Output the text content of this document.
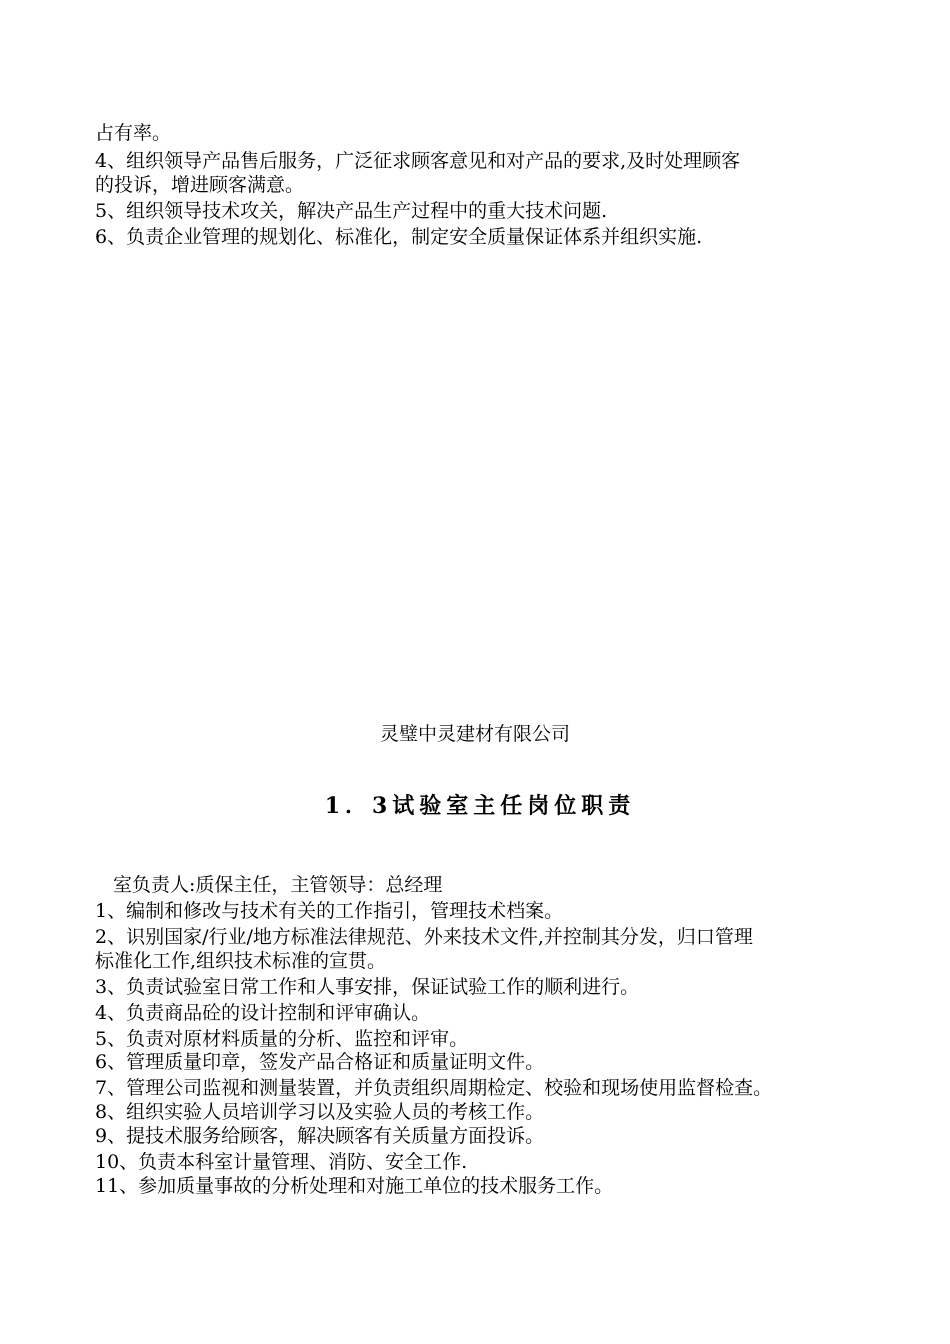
占有率。
4、组织领导产品售后服务，广泛征求顾客意见和对产品的要求,及时处理顾客
的投诉，增进顾客满意。
5、组织领导技术攻关，解决产品生产过程中的重大技术问题.
6、负责企业管理的规划化、标准化，制定安全质量保证体系并组织实施.
灵璧中灵建材有限公司
1．3试验室主任岗位职责
室负责人:质保主任，主管领导：总经理
1、编制和修改与技术有关的工作指引，管理技术档案。
2、识别国家/行业/地方标准法律规范、外来技术文件,并控制其分发，归口管理
标准化工作,组织技术标准的宣贯。
3、负责试验室日常工作和人事安排，保证试验工作的顺利进行。
4、负责商品砼的设计控制和评审确认。
5、负责对原材料质量的分析、监控和评审。
6、管理质量印章，签发产品合格证和质量证明文件。
7、管理公司监视和测量装置，并负责组织周期检定、校验和现场使用监督检查。
8、组织实验人员培训学习以及实验人员的考核工作。
9、提技术服务给顾客，解决顾客有关质量方面投诉。
10、负责本科室计量管理、消防、安全工作.
11、参加质量事故的分析处理和对施工单位的技术服务工作。
